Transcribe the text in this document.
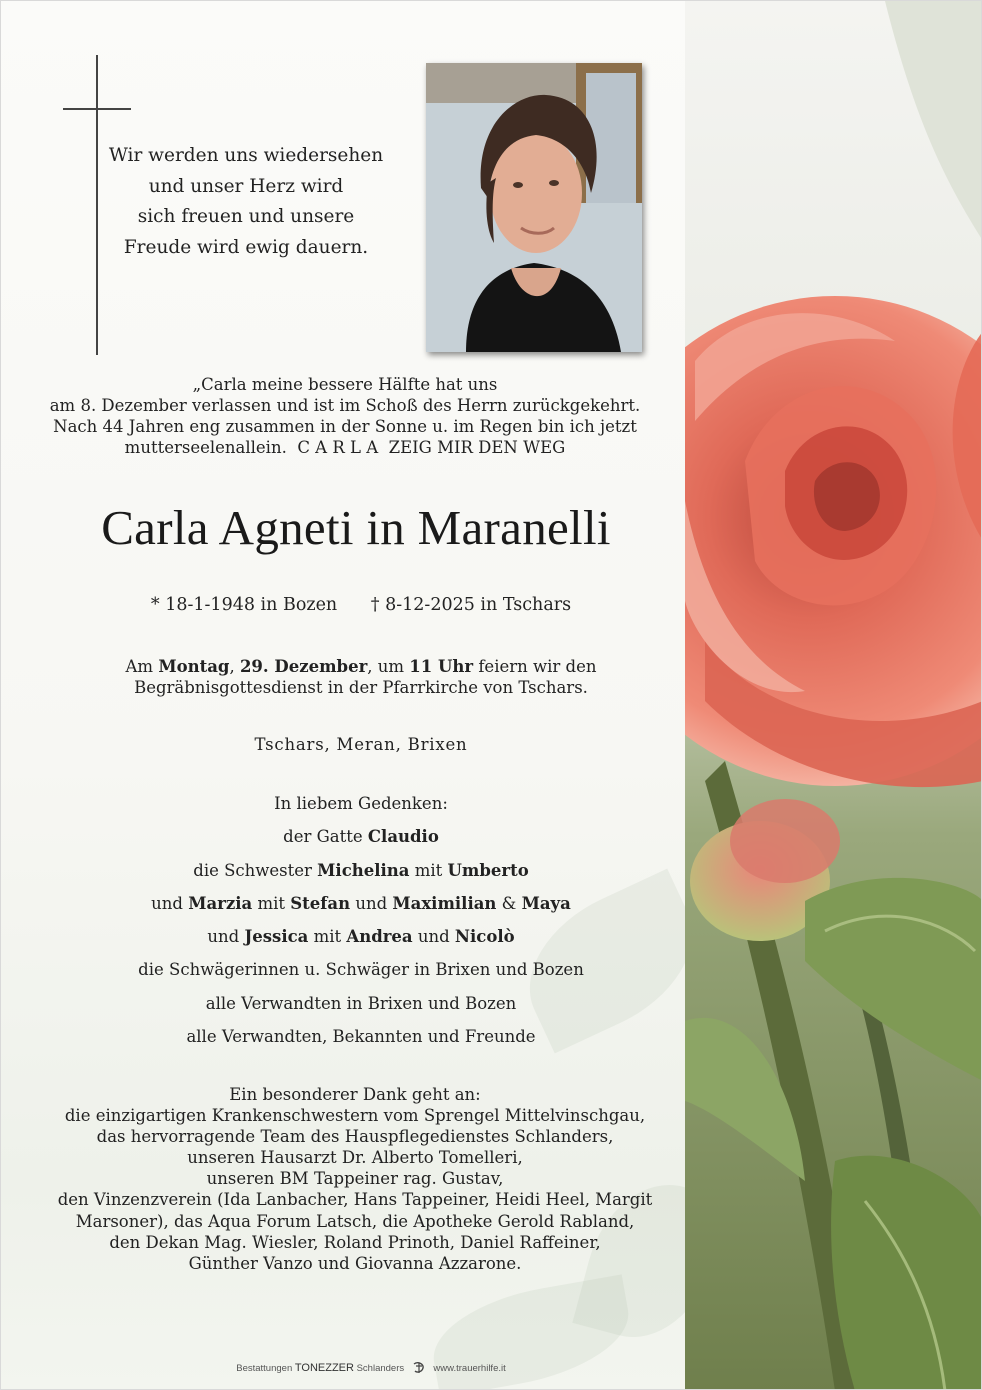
Wir werden uns wiedersehen
und unser Herz wird
sich freuen und unsere
Freude wird ewig dauern.
„Carla meine bessere Hälfte hat uns
am 8. Dezember verlassen und ist im Schoß des Herrn zurückgekehrt.
Nach 44 Jahren eng zusammen in der Sonne u. im Regen bin ich jetzt
mutterseelenallein.  C A R L A  ZEIG MIR DEN WEG
Carla Agneti in Maranelli
* 18-1-1948 in Bozen † 8-12-2025 in Tschars
Am Montag, 29. Dezember, um 11 Uhr feiern wir den
Begräbnisgottesdienst in der Pfarrkirche von Tschars.
Tschars, Meran, Brixen
In liebem Gedenken:
der Gatte Claudio
die Schwester Michelina mit Umberto
und Marzia mit Stefan und Maximilian & Maya
und Jessica mit Andrea und Nicolò
die Schwägerinnen u. Schwäger in Brixen und Bozen
alle Verwandten in Brixen und Bozen
alle Verwandten, Bekannten und Freunde
Ein besonderer Dank geht an:
die einzigartigen Krankenschwestern vom Sprengel Mittelvinschgau,
das hervorragende Team des Hauspflegedienstes Schlanders,
unseren Hausarzt Dr. Alberto Tomelleri,
unseren BM Tappeiner rag. Gustav,
den Vinzenzverein (Ida Lanbacher, Hans Tappeiner, Heidi Heel, Margit
Marsoner), das Aqua Forum Latsch, die Apotheke Gerold Rabland,
den Dekan Mag. Wiesler, Roland Prinoth, Daniel Raffeiner,
Günther Vanzo und Giovanna Azzarone.
Bestattungen TONEZZER Schlanders	www.trauerhilfe.it
